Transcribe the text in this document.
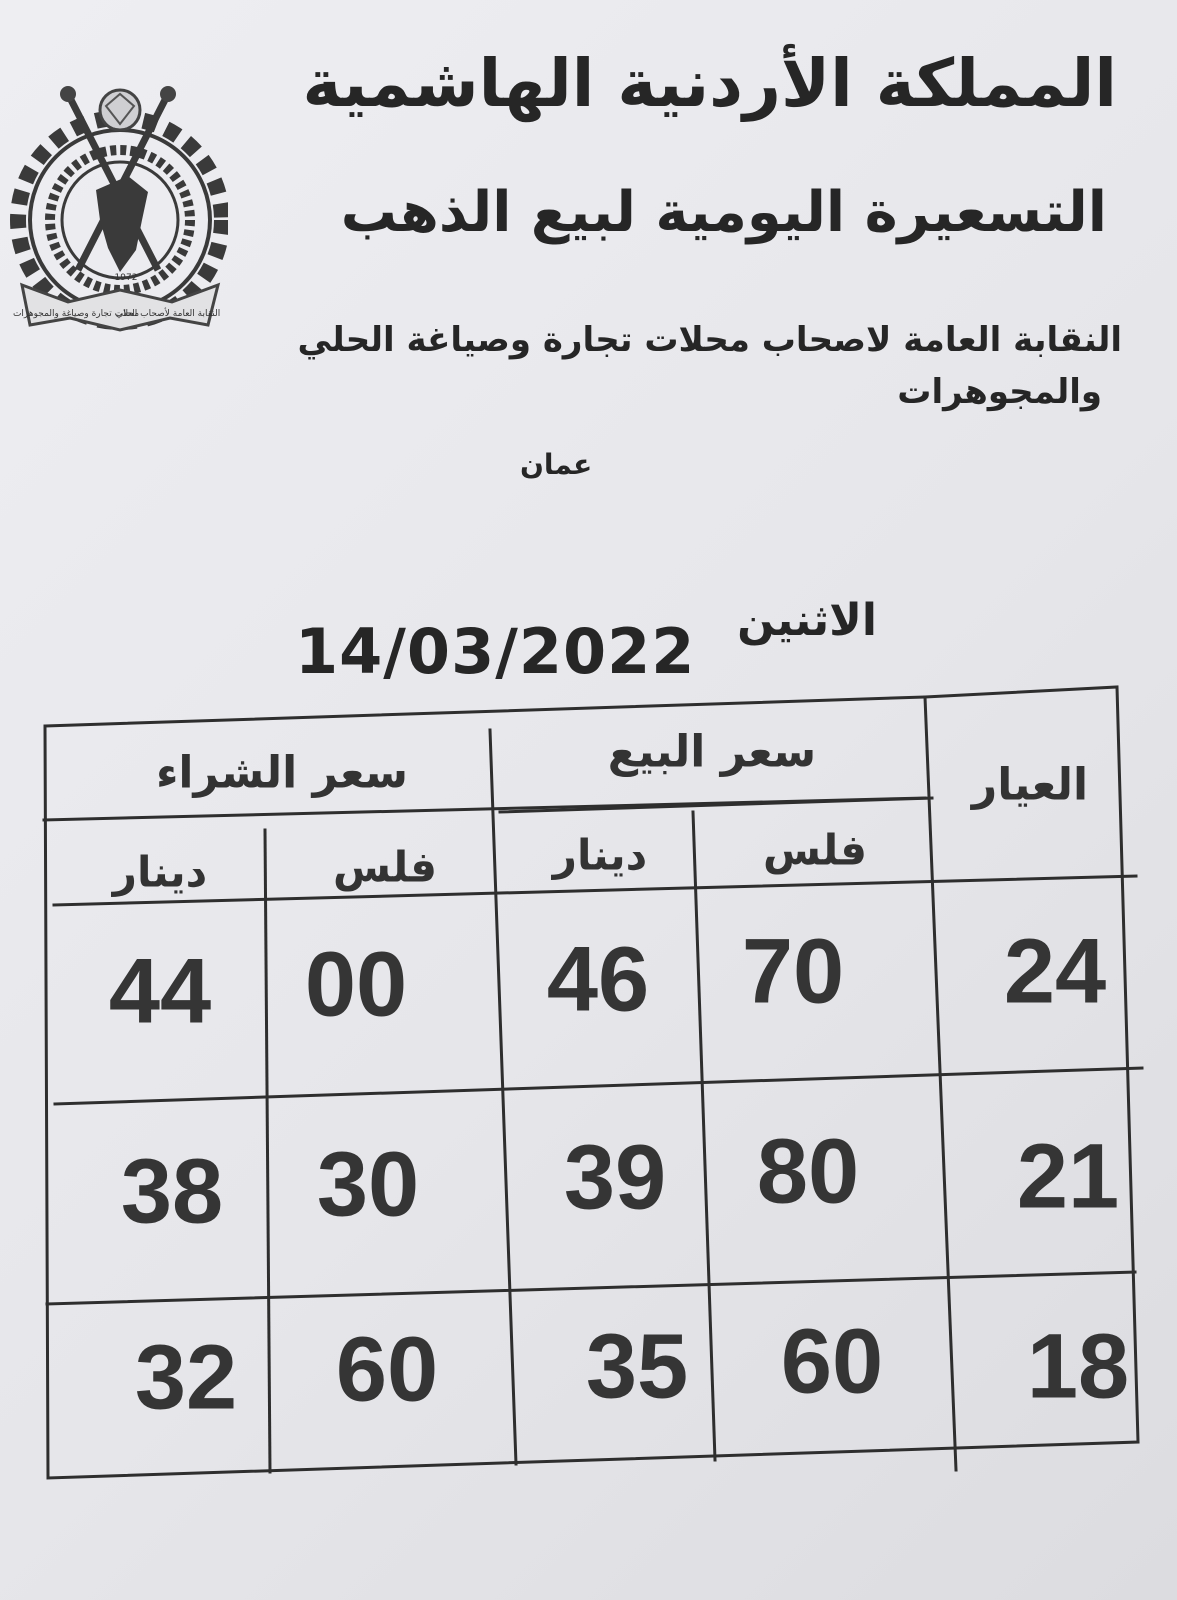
محلات تجارة وصياغة والمجوهرات
النقابة العامة لأصحاب الحلي
1972
المملكة الأردنية الهاشمية
التسعيرة اليومية لبيع الذهب
النقابة العامة لاصحاب محلات تجارة وصياغة الحلي
والمجوهرات
عمان
الاثنين
14/03/2022
العيار
سعر البيع
سعر الشراء
فلس
دينار
فلس
دينار
24
70
46
00
44
21
80
39
30
38
18
60
35
60
32
